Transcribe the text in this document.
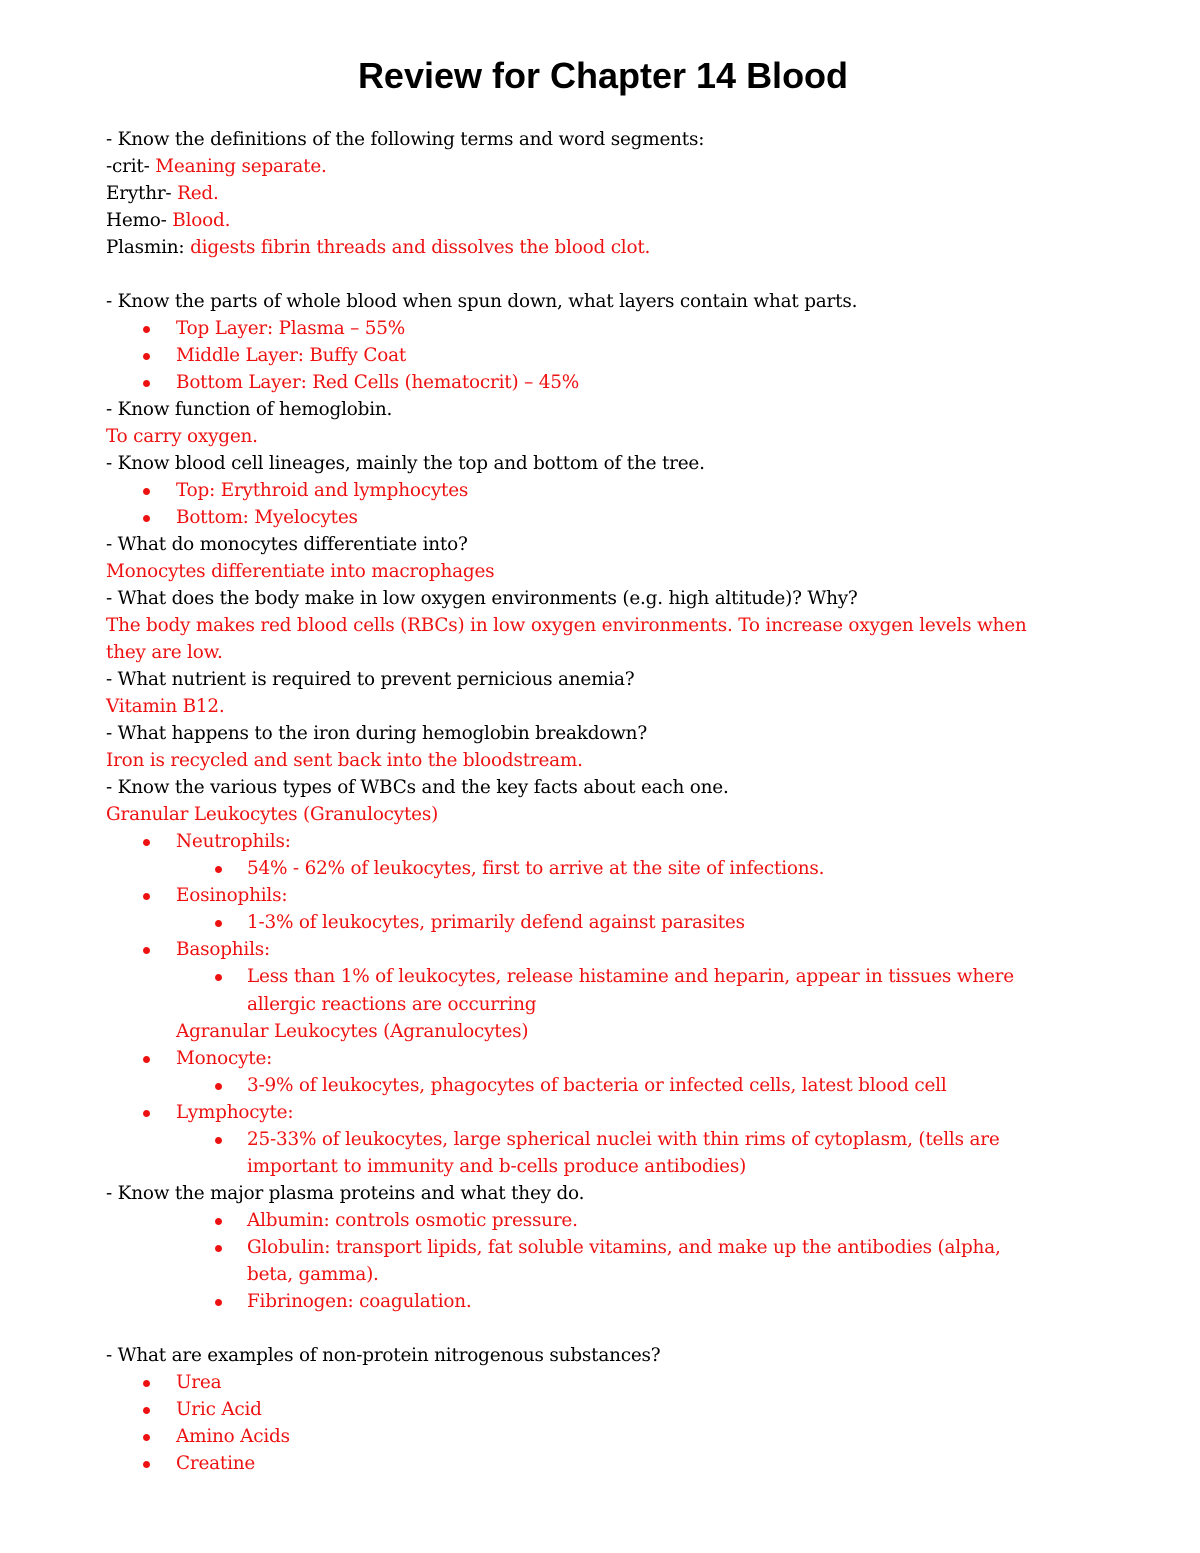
Review for Chapter 14 Blood
- Know the definitions of the following terms and word segments:
-crit- Meaning separate.
Erythr- Red.
Hemo- Blood.
Plasmin: digests fibrin threads and dissolves the blood clot.
- Know the parts of whole blood when spun down, what layers contain what parts.
Top Layer: Plasma – 55%
Middle Layer: Buffy Coat
Bottom Layer: Red Cells (hematocrit) – 45%
- Know function of hemoglobin.
To carry oxygen.
- Know blood cell lineages, mainly the top and bottom of the tree.
Top: Erythroid and lymphocytes
Bottom: Myelocytes
- What do monocytes differentiate into?
Monocytes differentiate into macrophages
- What does the body make in low oxygen environments (e.g. high altitude)? Why?
The body makes red blood cells (RBCs) in low oxygen environments. To increase oxygen levels when
they are low.
- What nutrient is required to prevent pernicious anemia?
Vitamin B12.
- What happens to the iron during hemoglobin breakdown?
Iron is recycled and sent back into the bloodstream.
- Know the various types of WBCs and the key facts about each one.
Granular Leukocytes (Granulocytes)
Neutrophils:
54% - 62% of leukocytes, first to arrive at the site of infections.
Eosinophils:
1-3% of leukocytes, primarily defend against parasites
Basophils:
Less than 1% of leukocytes, release histamine and heparin, appear in tissues where
allergic reactions are occurring
Agranular Leukocytes (Agranulocytes)
Monocyte:
3-9% of leukocytes, phagocytes of bacteria or infected cells, latest blood cell
Lymphocyte:
25-33% of leukocytes, large spherical nuclei with thin rims of cytoplasm, (tells are
important to immunity and b-cells produce antibodies)
- Know the major plasma proteins and what they do.
Albumin: controls osmotic pressure.
Globulin: transport lipids, fat soluble vitamins, and make up the antibodies (alpha,
beta, gamma).
Fibrinogen: coagulation.
- What are examples of non-protein nitrogenous substances?
Urea
Uric Acid
Amino Acids
Creatine
